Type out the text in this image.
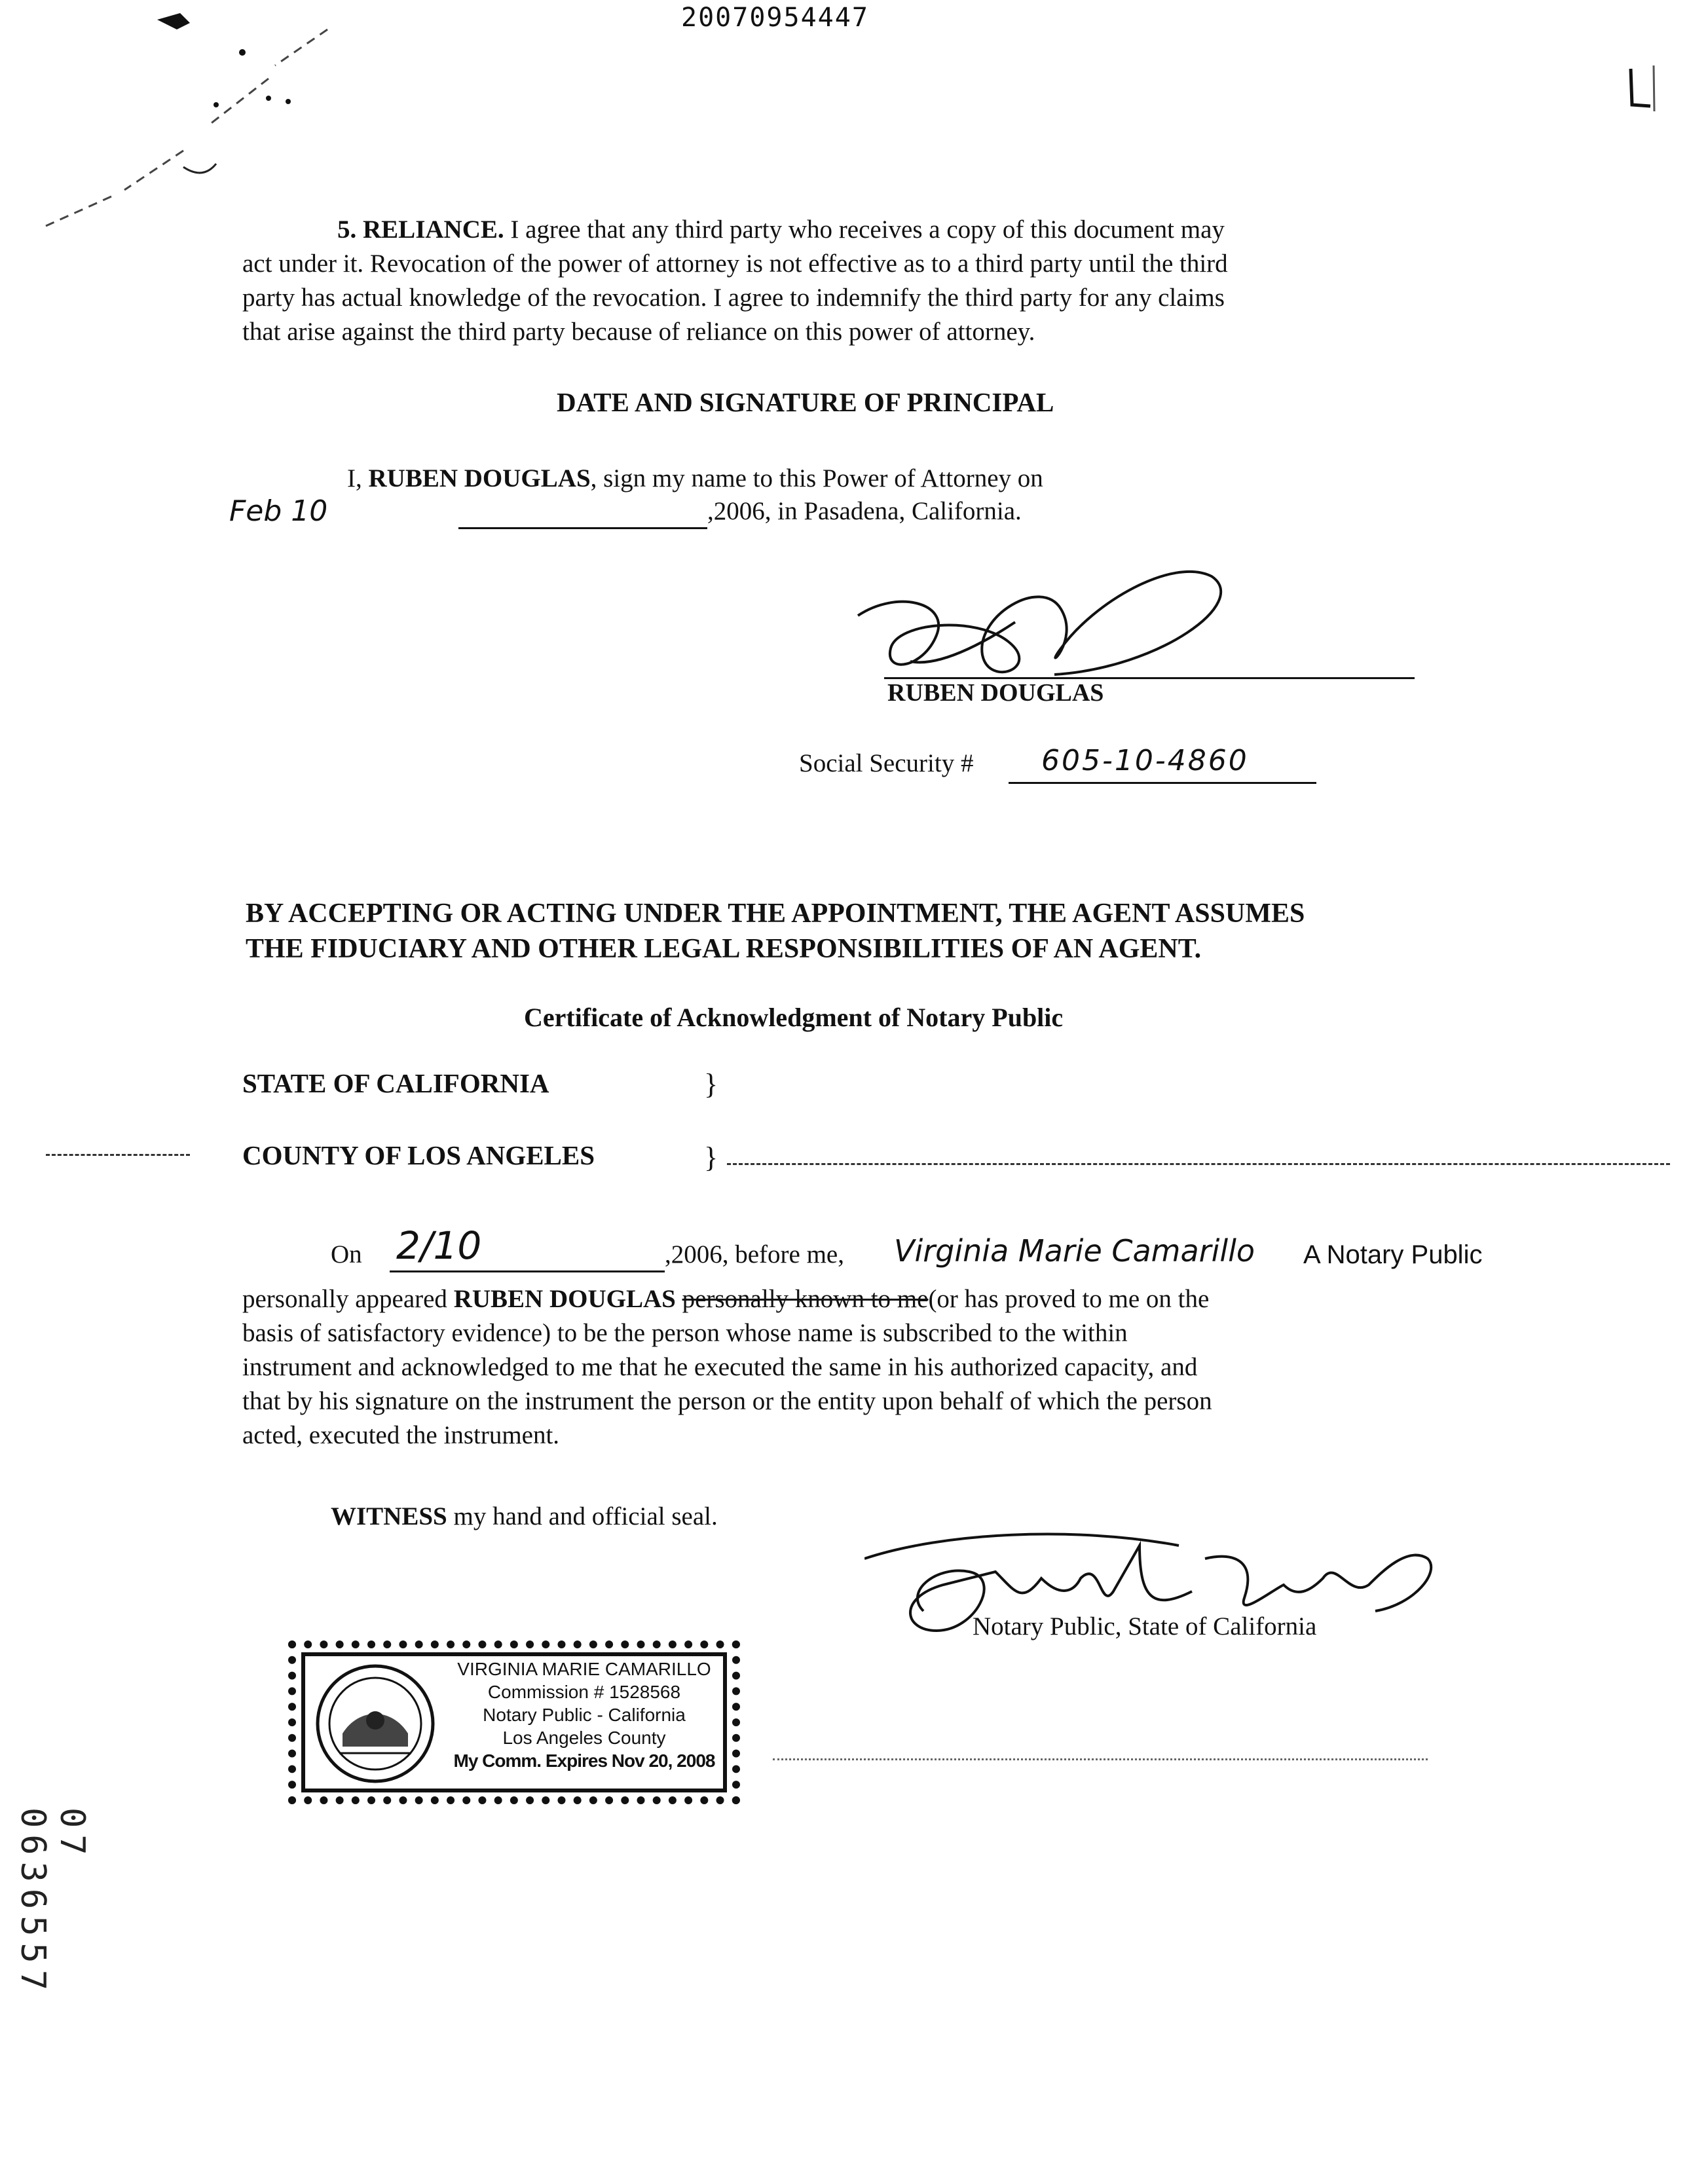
20070954447
5. RELIANCE. I agree that any third party who receives a copy of this document may
act under it. Revocation of the power of attorney is not effective as to a third party until the third
party has actual knowledge of the revocation. I agree to indemnify the third party for any claims
that arise against the third party because of reliance on this power of attorney.
DATE AND SIGNATURE OF PRINCIPAL
I, RUBEN DOUGLAS, sign my name to this Power of Attorney on
Feb 10	,2006, in Pasadena, California.
RUBEN DOUGLAS
Social Security # 605-10-4860
BY ACCEPTING OR ACTING UNDER THE APPOINTMENT, THE AGENT ASSUMES
THE FIDUCIARY AND OTHER LEGAL RESPONSIBILITIES OF AN AGENT.
Certificate of Acknowledgment of Notary Public
STATE OF CALIFORNIA	}
COUNTY OF LOS ANGELES	}
On 2/10	,2006, before me, Virginia Marie Camarillo A Notary Public
personally appeared RUBEN DOUGLAS personally known to me(or has proved to me on the
basis of satisfactory evidence) to be the person whose name is subscribed to the within
instrument and acknowledged to me that he executed the same in his authorized capacity, and
that by his signature on the instrument the person or the entity upon behalf of which the person
acted, executed the instrument.
WITNESS my hand and official seal.
Notary Public, State of California
VIRGINIA MARIE CAMARILLO
Commission # 1528568
Notary Public - California
Los Angeles County
My Comm. Expires Nov 20, 2008
07 0636557
